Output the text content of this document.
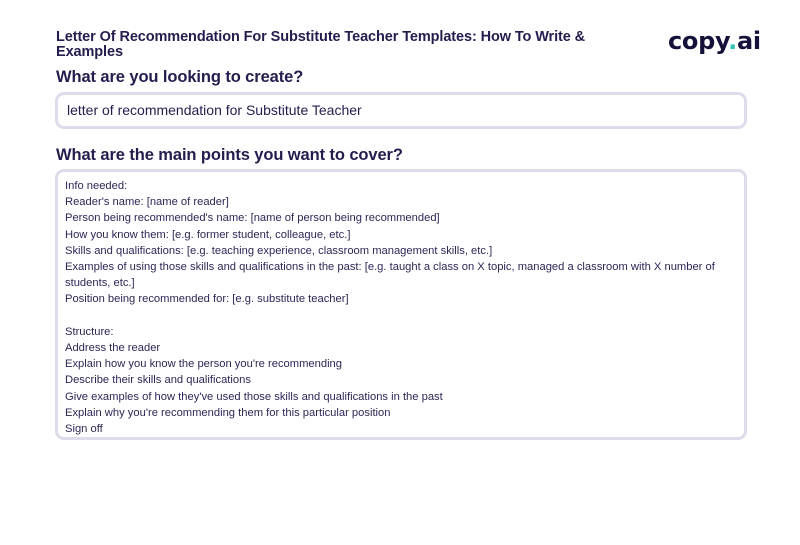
Letter Of Recommendation For Substitute Teacher Templates: How To Write & Examples	copy.ai
What are you looking to create?
letter of recommendation for Substitute Teacher
What are the main points you want to cover?
Info needed:
Reader's name: [name of reader]
Person being recommended's name: [name of person being recommended]
How you know them: [e.g. former student, colleague, etc.]
Skills and qualifications: [e.g. teaching experience, classroom management skills, etc.]
Examples of using those skills and qualifications in the past: [e.g. taught a class on X topic, managed a classroom with X number of students, etc.]
Position being recommended for: [e.g. substitute teacher]
Structure:
Address the reader
Explain how you know the person you're recommending
Describe their skills and qualifications
Give examples of how they've used those skills and qualifications in the past
Explain why you're recommending them for this particular position
Sign off
